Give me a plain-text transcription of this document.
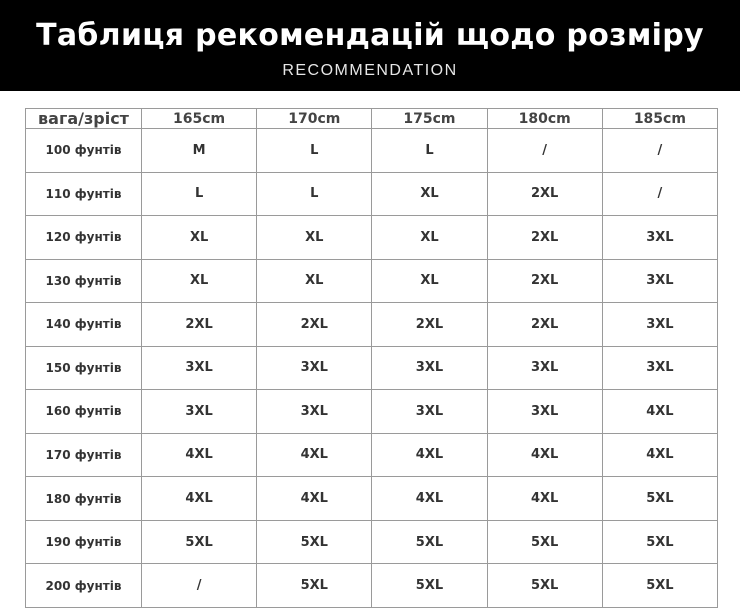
Таблиця рекомендацій щодо розміру
RECOMMENDATION
вага/зріст	165cm	170cm	175cm	180cm	185cm
100 фунтів	M	L	L	/	/
110 фунтів	L	L	XL	2XL	/
120 фунтів	XL	XL	XL	2XL	3XL
130 фунтів	XL	XL	XL	2XL	3XL
140 фунтів	2XL	2XL	2XL	2XL	3XL
150 фунтів	3XL	3XL	3XL	3XL	3XL
160 фунтів	3XL	3XL	3XL	3XL	4XL
170 фунтів	4XL	4XL	4XL	4XL	4XL
180 фунтів	4XL	4XL	4XL	4XL	5XL
190 фунтів	5XL	5XL	5XL	5XL	5XL
200 фунтів	/	5XL	5XL	5XL	5XL
